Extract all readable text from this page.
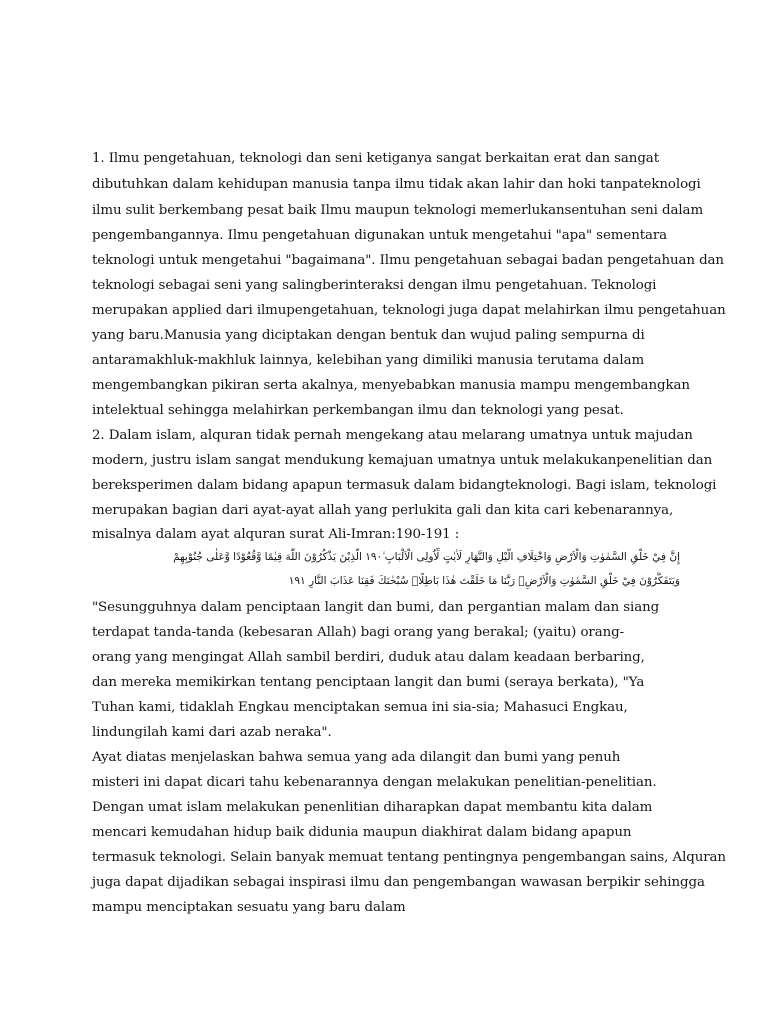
1. Ilmu pengetahuan, teknologi dan seni ketiganya sangat berkaitan erat dan sangat
dibutuhkan dalam kehidupan manusia tanpa ilmu tidak akan lahir dan hoki tanpateknologi
ilmu sulit berkembang pesat baik Ilmu maupun teknologi memerlukansentuhan seni dalam
pengembangannya. Ilmu pengetahuan digunakan untuk mengetahui "apa" sementara
teknologi untuk mengetahui "bagaimana". Ilmu pengetahuan sebagai badan pengetahuan dan
teknologi sebagai seni yang salingberinteraksi dengan ilmu pengetahuan. Teknologi
merupakan applied dari ilmupengetahuan, teknologi juga dapat melahirkan ilmu pengetahuan
yang baru.Manusia yang diciptakan dengan bentuk dan wujud paling sempurna di
antaramakhluk-makhluk lainnya, kelebihan yang dimiliki manusia terutama dalam
mengembangkan pikiran serta akalnya, menyebabkan manusia mampu mengembangkan
intelektual sehingga melahirkan perkembangan ilmu dan teknologi yang pesat.
2. Dalam islam, alquran tidak pernah mengekang atau melarang umatnya untuk majudan
modern, justru islam sangat mendukung kemajuan umatnya untuk melakukanpenelitian dan
bereksperimen dalam bidang apapun termasuk dalam bidangteknologi. Bagi islam, teknologi
merupakan bagian dari ayat-ayat allah yang perlukita gali dan kita cari kebenarannya,
misalnya dalam ayat alquran surat Ali-Imran:190-191 :
إِنَّ فِيْ خَلْقِ السَّمٰوٰتِ وَالْاَرْضِ وَاخْتِلَافِ الَّيْلِ وَالنَّهَارِ لَاٰيٰتٍ لِّاُولِى الْاَلْبَابِ ۙ١٩٠ الَّذِيْنَ يَذْكُرُوْنَ اللّٰهَ قِيٰمًا وَّقُعُوْدًا وَّعَلٰى جُنُوْبِهِمْ
وَيَتَفَكَّرُوْنَ فِيْ خَلْقِ السَّمٰوٰتِ وَالْاَرْضِۚ رَبَّنَا مَا خَلَقْتَ هٰذَا بَاطِلًاۚ سُبْحٰنَكَ فَقِنَا عَذَابَ النَّارِ ١٩١
"Sesungguhnya dalam penciptaan langit dan bumi, dan pergantian malam dan siang
terdapat tanda-tanda (kebesaran Allah) bagi orang yang berakal; (yaitu) orang-
orang yang mengingat Allah sambil berdiri, duduk atau dalam keadaan berbaring,
dan mereka memikirkan tentang penciptaan langit dan bumi (seraya berkata), "Ya
Tuhan kami, tidaklah Engkau menciptakan semua ini sia-sia; Mahasuci Engkau,
lindungilah kami dari azab neraka".
Ayat diatas menjelaskan bahwa semua yang ada dilangit dan bumi yang penuh
misteri ini dapat dicari tahu kebenarannya dengan melakukan penelitian-penelitian.
Dengan umat islam melakukan penenlitian diharapkan dapat membantu kita dalam
mencari kemudahan hidup baik didunia maupun diakhirat dalam bidang apapun
termasuk teknologi. Selain banyak memuat tentang pentingnya pengembangan sains, Alquran
juga dapat dijadikan sebagai inspirasi ilmu dan pengembangan wawasan berpikir sehingga
mampu menciptakan sesuatu yang baru dalam
